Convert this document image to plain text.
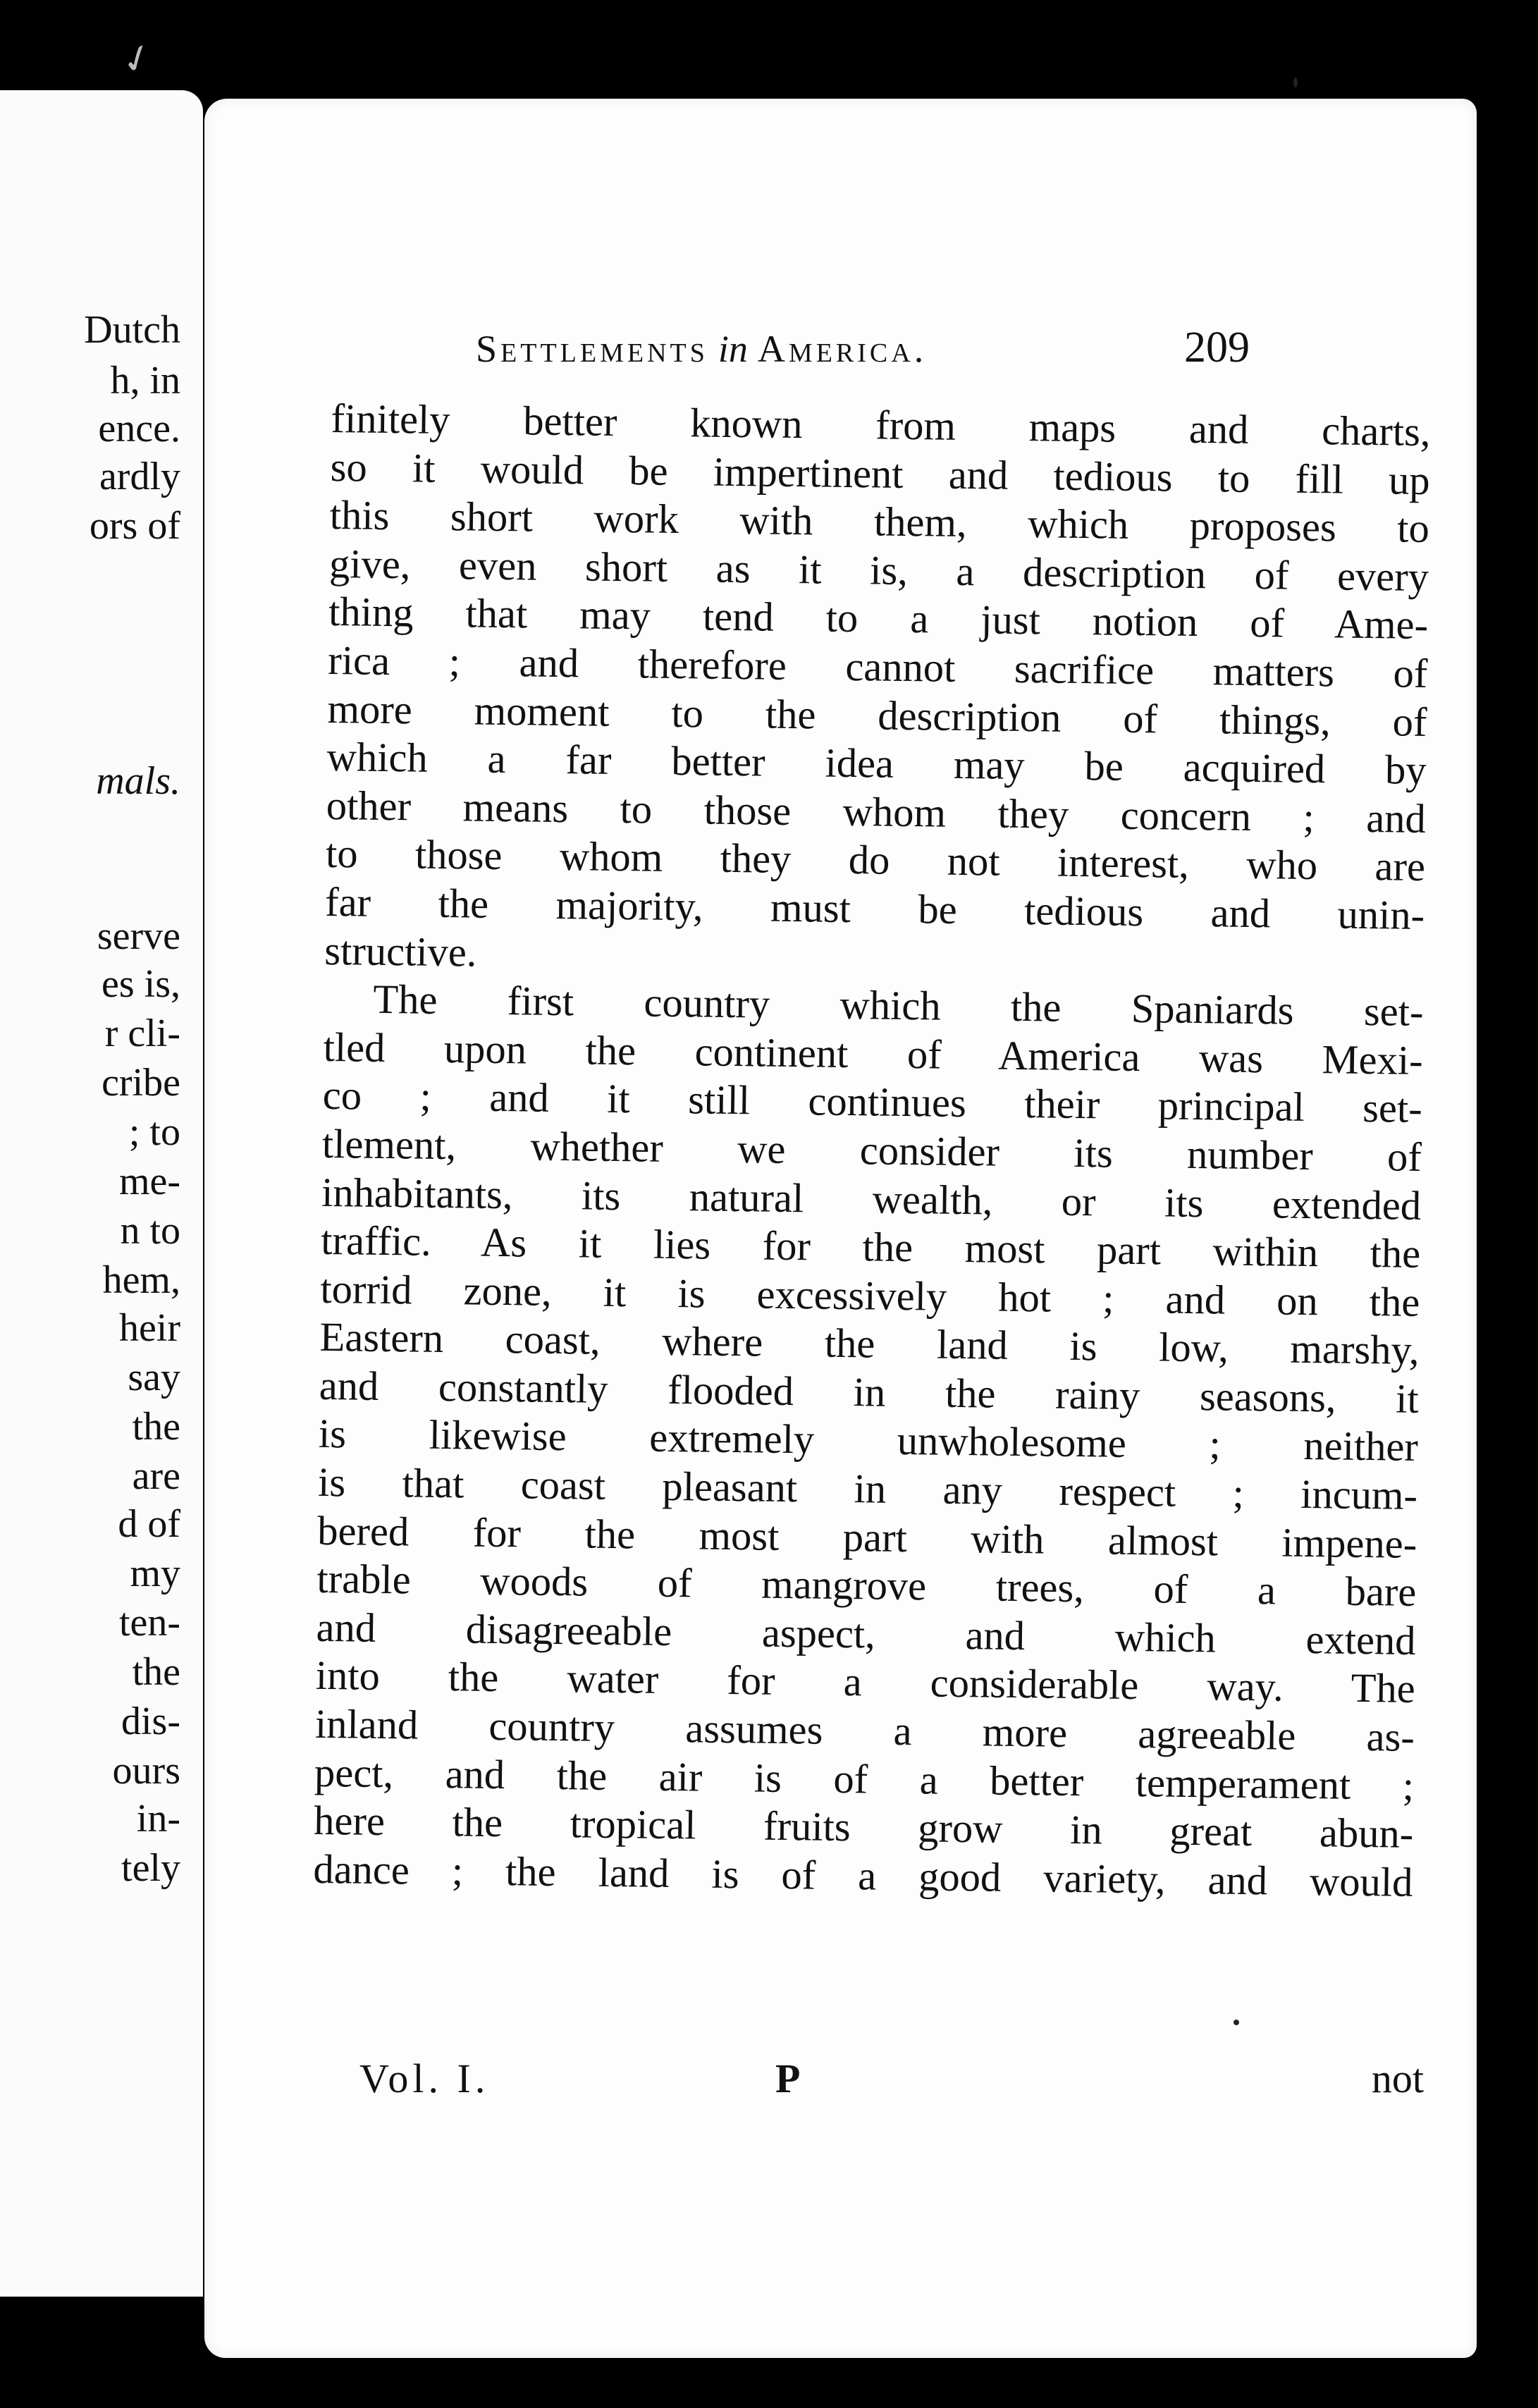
✓
Dutch
h, in
ence.
ardly
ors of
mals.
serve
es is,
r cli-
cribe
; to
me-
n to
hem,
heir
say
the
are
d of
my
ten-
the
dis-
ours
in-
tely
Settlements in America.	209
finitely better known from maps and charts,
so it would be impertinent and tedious to fill up
this short work with them, which proposes to
give, even short as it is, a description of every
thing that may tend to a just notion of Ame-
rica ; and therefore cannot sacrifice matters of
more moment to the description of things, of
which a far better idea may be acquired by
other means to those whom they concern ; and
to those whom they do not interest, who are
far the majority, must be tedious and unin-
structive.
The first country which the Spaniards set-
tled upon the continent of America was Mexi-
co ; and it still continues their principal set-
tlement, whether we consider its number of
inhabitants, its natural wealth, or its extended
traffic. As it lies for the most part within the
torrid zone, it is excessively hot ; and on the
Eastern coast, where the land is low, marshy,
and constantly flooded in the rainy seasons, it
is likewise extremely unwholesome ; neither
is that coast pleasant in any respect ; incum-
bered for the most part with almost impene-
trable woods of mangrove trees, of a bare
and disagreeable aspect, and which extend
into the water for a considerable way. The
inland country assumes a more agreeable as-
pect, and the air is of a better temperament ;
here the tropical fruits grow in great abun-
dance ; the land is of a good variety, and would
Vol. I.	P	not
